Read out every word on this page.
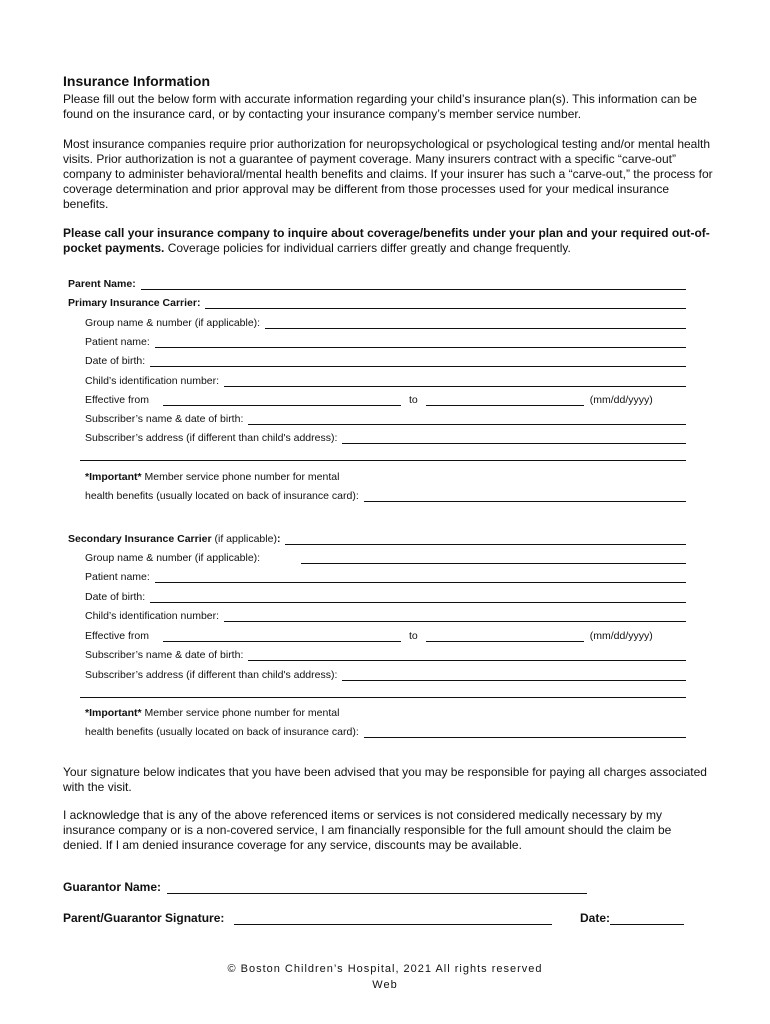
Insurance Information
Please fill out the below form with accurate information regarding your child’s insurance plan(s). This information can be found on the insurance card, or by contacting your insurance company’s member service number.
Most insurance companies require prior authorization for neuropsychological or psychological testing and/or mental health visits. Prior authorization is not a guarantee of payment coverage. Many insurers contract with a specific “carve-out” company to administer behavioral/mental health benefits and claims. If your insurer has such a “carve-out,” the process for coverage determination and prior approval may be different from those processes used for your medical insurance benefits.
Please call your insurance company to inquire about coverage/benefits under your plan and your required out-of-pocket payments. Coverage policies for individual carriers differ greatly and change frequently.
Parent Name:
Primary Insurance Carrier:
Group name & number (if applicable):
Patient name:
Date of birth:
Child’s identification number:
Effective from	to	(mm/dd/yyyy)
Subscriber’s name & date of birth:
Subscriber’s address (if different than child's address):
*Important* Member service phone number for mental
health benefits (usually located on back of insurance card):
Secondary Insurance Carrier (if applicable):
Group name & number (if applicable):
Patient name:
Date of birth:
Child’s identification number:
Effective from	to	(mm/dd/yyyy)
Subscriber’s name & date of birth:
Subscriber’s address (if different than child's address):
*Important* Member service phone number for mental
health benefits (usually located on back of insurance card):
Your signature below indicates that you have been advised that you may be responsible for paying all charges associated with the visit.
I acknowledge that is any of the above referenced items or services is not considered medically necessary by my insurance company or is a non-covered service, I am financially responsible for the full amount should the claim be denied. If I am denied insurance coverage for any service, discounts may be available.
Guarantor Name:
Parent/Guarantor Signature:	Date:
© Boston Children’s Hospital, 2021 All rights reserved
Web
